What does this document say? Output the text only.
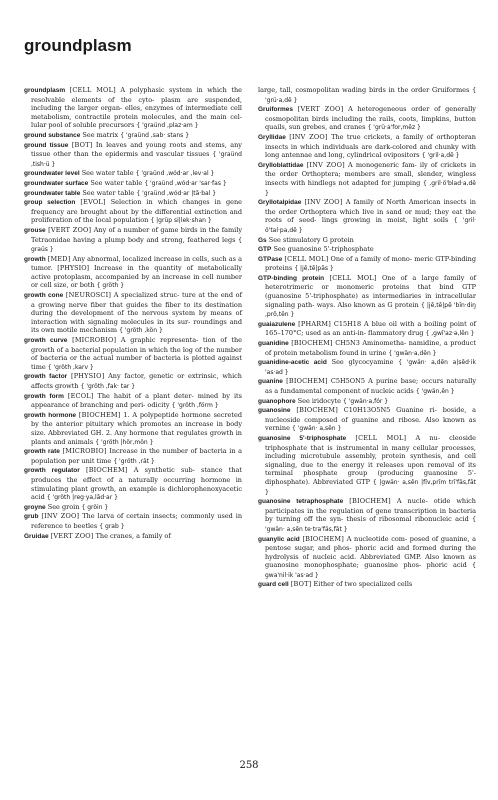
groundplasm

groundplasm [CELL MOL] A polyphasic system in which the resolvable elements of the cyto- plasm are suspended, including the larger organ- elles, enzymes of intermediate cell metabolism, contractile protein molecules, and the main cel- lular pool of soluble precursors { 'graünd ,plaz·am }

ground substance See matrix { 'graünd ,sab· stans }

ground tissue [BOT] In leaves and young roots and stems, any tissue other than the epidermis and vascular tissues { 'graünd ,tish·ü }

groundwater level See water table { 'graünd ,wód·ar ,lev·al }

groundwater surface See water table { 'graünd ,wód·ar 'sar·fas }

groundwater table See water table { 'graünd ,wód·ar |tā·bal }

group selection [EVOL] Selection in which changes in gene frequency are brought about by the differential extinction and proliferation of the local population { |grüp si|lek·shan }

grouse [VERT ZOO] Any of a number of game birds in the family Tetraonidae having a plump body and strong, feathered legs { graüs }

growth [MED] Any abnormal, localized increase in cells, such as a tumor. [PHYSIO] Increase in the quantity of metabolically active protoplasm, accompanied by an increase in cell number or cell size, or both { gröth }

growth cone [NEUROSCI] A specialized struc- ture at the end of a growing nerve fiber that guides the fiber to its destination during the development of the nervous system by means of interaction with signaling molecules in its sur- roundings and its own motile mechanism { 'gröth ,kön }

growth curve [MICROBIO] A graphic representa- tion of the growth of a bacterial population in which the log of the number of bacteria or the actual number of bacteria is plotted against time { 'gröth ,karv }

growth factor [PHYSIO] Any factor, genetic or extrinsic, which affects growth { 'gröth ,fak· tar }

growth form [ECOL] The habit of a plant deter- mined by its appearance of branching and peri- odicity { 'gröth ,förm }

growth hormone [BIOCHEM] 1. A polypeptide hormone secreted by the anterior pituitary which promotes an increase in body size. Abbreviated GH. 2. Any hormone that regulates growth in plants and animals { 'gröth |hör,mön }

growth rate [MICROBIO] Increase in the number of bacteria in a population per unit time { 'gröth ,rāt }

growth regulator [BIOCHEM] A synthetic sub- stance that produces the effect of a naturally occurring hormone in stimulating plant growth, an example is dichlorophenoxyacetic acid { 'gröth |reg·ya,lād·ar }

groyne See groin { gröin }

grub [INV ZOO] The larva of certain insects; commonly used in reference to beetles { grab }

Gruidae [VERT ZOO] The cranes, a family of

large, tall, cosmopolitan wading birds in the order Gruiformes { 'grü·a,dē }

Gruiformes [VERT ZOO] A heterogeneous order of generally cosmopolitan birds including the rails, coots, limpkins, button quails, sun grebes, and cranes { 'grü·a'for,mēz }

Gryllidae [INV ZOO] The true crickets, a family of orthopteran insects in which individuals are dark-colored and chunky with long antennae and long, cylindrical ovipositors { 'gril·a,dē }

Grylloblattidae [INV ZOO] A monogeneric fam- ily of crickets in the order Orthoptera; members are small, slender, wingless insects with hindlegs not adapted for jumping { ,gril·ö'blad·a,dē }

Gryllotalpidae [INV ZOO] A family of North American insects in the order Orthoptera which live in sand or mud; they eat the roots of seed- lings growing in moist, light soils { 'gril· ö'tal·pa,dē }

Gs See stimulatory G protein

GTP See guanosine 5'-triphosphate

GTPase [CELL MOL] One of a family of mono- meric GTP-binding proteins { |jē,tē|pās }

GTP-binding protein [CELL MOL] One of a large family of heterotrimeric or monomeric proteins that bind GTP (guanosine 5'-triphosphate) as intermediaries in intracellular signaling path- ways. Also known as G protein { |jē,tē|pē 'bīn·diŋ ,prō,tēn }

guaiazulene [PHARM] C15H18 A blue oil with a boiling point of 165–170°C; used as an anti-in- flammatory drug { ,gwī'az·ə,lēn }

guanidine [BIOCHEM] CH5N3 Aminometha- namidine, a product of protein metabolism found in urine { 'gwän·a,dēn }

guanidine-acetic acid See glycocyamine { 'gwän· a,dēn a|sēd·ik 'as·ad }

guanine [BIOCHEM] C5H5ON5 A purine base; occurs naturally as a fundamental component of nucleic acids { 'gwän,ēn }

guanophore See iridocyte { 'gwän·a,fór }

guanosine [BIOCHEM] C10H13O5N5 Guanine ri- boside, a nucleoside composed of guanine and ribose. Also known as vernine { 'gwän· a,sēn }

guanosine 5'-triphosphate [CELL MOL] A nu- cleoside triphosphate that is instrumental in many cellular processes, including microtubule assembly, protein synthesis, and cell signaling, due to the energy it releases upon removal of its terminal phosphate group (producing guanosine 5'-diphosphate). Abbreviated GTP { |gwän· a,sēn |fīv,prīm trī'fäs,fāt }

guanosine tetraphosphate [BIOCHEM] A nucle- otide which participates in the regulation of gene transcription in bacteria by turning off the syn- thesis of ribosomal ribonucleic acid { 'gwän· a,sēn te·tra'fäs,fāt }

guanylic acid [BIOCHEM] A nucleotide com- posed of guanine, a pentose sugar, and phos- phoric acid and formed during the hydrolysis of nucleic acid. Abbreviated GMP. Also known as guanosine monophosphate; guanosine phos- phoric acid { gwa'nil·ik 'as·ad }

guard cell [BOT] Either of two specialized cells

258
